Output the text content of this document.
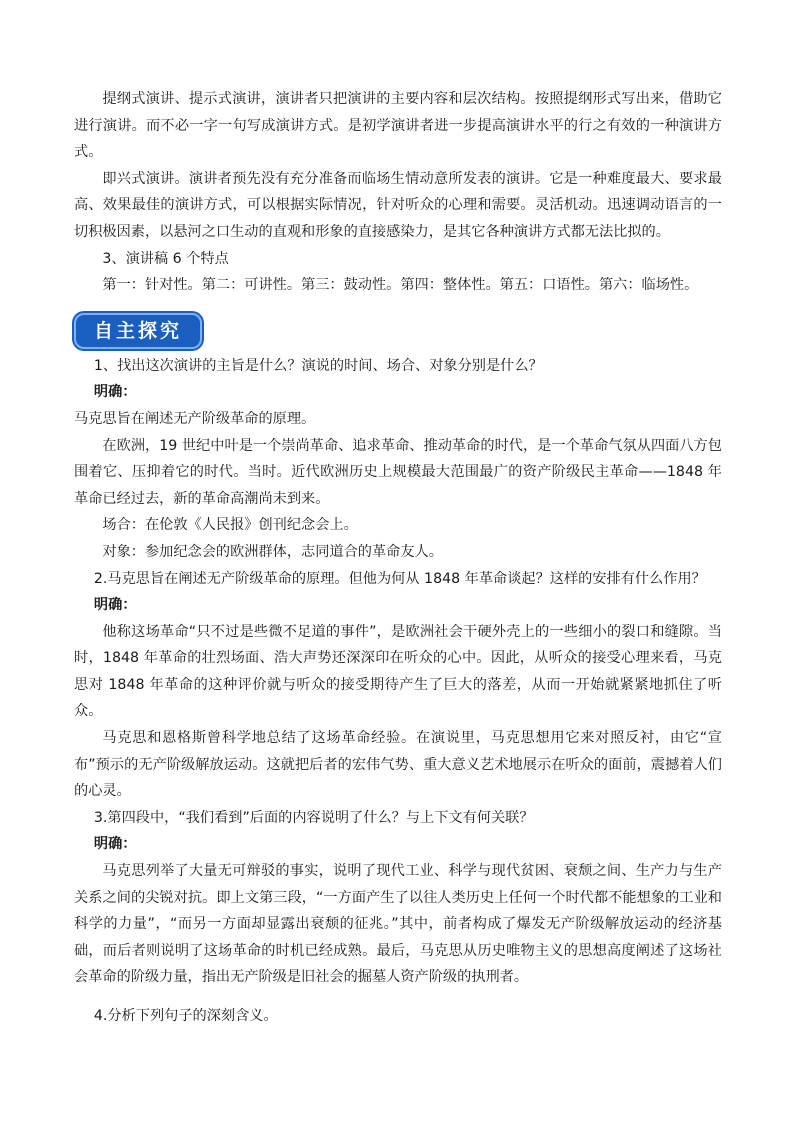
提纲式演讲、提示式演讲，演讲者只把演讲的主要内容和层次结构。按照提纲形式写出来，借助它进行演讲。而不必一字一句写成演讲方式。是初学演讲者进一步提高演讲水平的行之有效的一种演讲方式。

即兴式演讲。演讲者预先没有充分准备而临场生情动意所发表的演讲。它是一种难度最大、要求最高、效果最佳的演讲方式，可以根据实际情况，针对听众的心理和需要。灵活机动。迅速调动语言的一切积极因素，以悬河之口生动的直观和形象的直接感染力，是其它各种演讲方式都无法比拟的。

3、演讲稿 6 个特点

第一：针对性。第二：可讲性。第三：鼓动性。第四：整体性。第五：口语性。第六：临场性。

自主探究

1、找出这次演讲的主旨是什么？演说的时间、场合、对象分别是什么？

明确：

马克思旨在阐述无产阶级革命的原理。

在欧洲，19 世纪中叶是一个崇尚革命、追求革命、推动革命的时代，是一个革命气氛从四面八方包围着它、压抑着它的时代。当时。近代欧洲历史上规模最大范围最广的资产阶级民主革命——1848 年革命已经过去，新的革命高潮尚未到来。

场合：在伦敦《人民报》创刊纪念会上。

对象：参加纪念会的欧洲群体，志同道合的革命友人。

2.马克思旨在阐述无产阶级革命的原理。但他为何从 1848 年革命谈起？这样的安排有什么作用？

明确：

他称这场革命“只不过是些微不足道的事件”，是欧洲社会干硬外壳上的一些细小的裂口和缝隙。当时，1848 年革命的壮烈场面、浩大声势还深深印在听众的心中。因此，从听众的接受心理来看，马克思对 1848 年革命的这种评价就与听众的接受期待产生了巨大的落差，从而一开始就紧紧地抓住了听众。

马克思和恩格斯曾科学地总结了这场革命经验。在演说里，马克思想用它来对照反衬，由它“宣布”预示的无产阶级解放运动。这就把后者的宏伟气势、重大意义艺术地展示在听众的面前，震撼着人们的心灵。

3.第四段中，“我们看到”后面的内容说明了什么？与上下文有何关联？

明确：

马克思列举了大量无可辩驳的事实，说明了现代工业、科学与现代贫困、衰颓之间、生产力与生产关系之间的尖锐对抗。即上文第三段，“一方面产生了以往人类历史上任何一个时代都不能想象的工业和科学的力量”，“而另一方面却显露出衰颓的征兆。”其中，前者构成了爆发无产阶级解放运动的经济基础，而后者则说明了这场革命的时机已经成熟。最后，马克思从历史唯物主义的思想高度阐述了这场社会革命的阶级力量，指出无产阶级是旧社会的掘墓人资产阶级的执刑者。

4.分析下列句子的深刻含义。
